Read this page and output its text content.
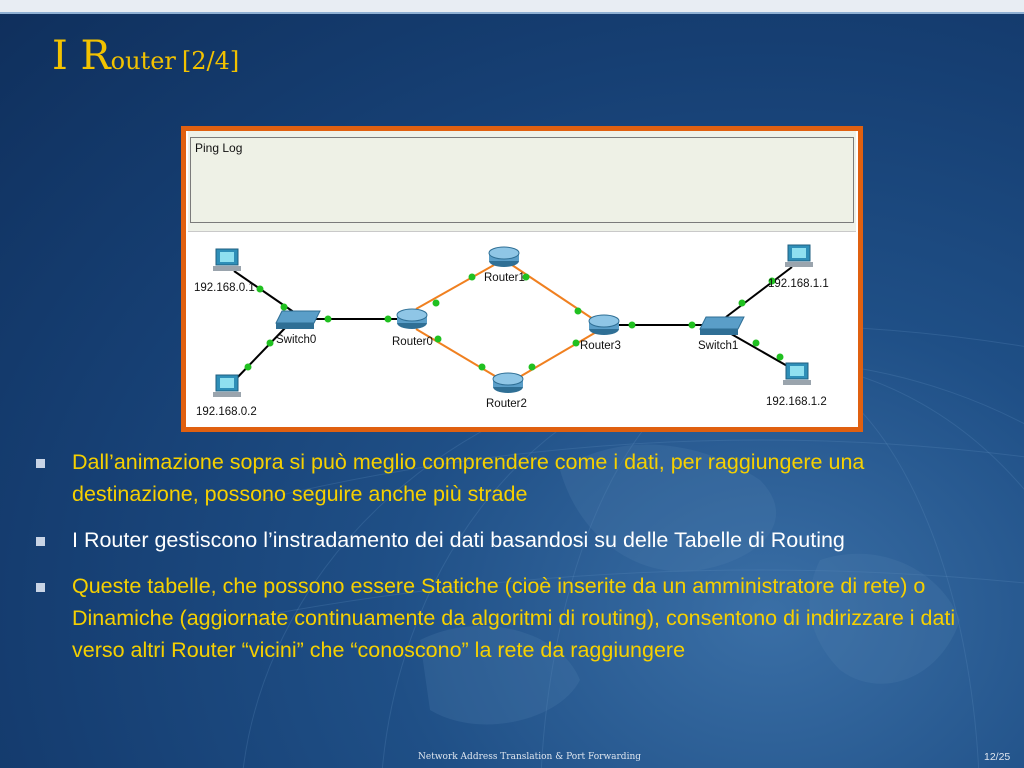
I Router [2/4]
Ping Log
192.168.0.1
192.168.0.2
192.168.1.1
192.168.1.2
Switch0	Switch1
Router0
Router1
Router2
Router3
Dall’animazione sopra si può meglio comprendere come i dati, per raggiungere una destinazione, possono seguire anche più strade
I Router gestiscono l’instradamento dei dati basandosi su delle Tabelle di Routing
Queste tabelle, che possono essere Statiche (cioè inserite da un amministratore di rete) o Dinamiche (aggiornate continuamente da algoritmi di routing), consentono di indirizzare i dati verso altri Router “vicini” che “conoscono” la rete da raggiungere
Network Address Translation & Port Forwarding	12/25
